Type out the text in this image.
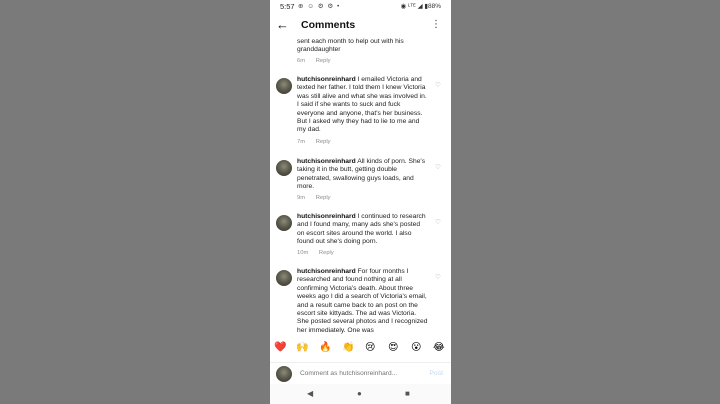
5:57 ⊕ ☺ ⚙ ⚙ •	◉ ᴸᵀᴱ ◢ ▮88%
← Comments	⋮
sent each month to help out with his granddaughter
6m Reply
hutchisonreinhard I emailed Victoria and texted her father. I told them I knew Victoria was still alive and what she was involved in. I said if she wants to suck and fuck everyone and anyone, that's her business. But I asked why they had to lie to me and my dad.
7m Reply
♡
hutchisonreinhard All kinds of porn. She's taking it in the butt, getting double penetrated, swallowing guys loads, and more.
9m Reply
♡
hutchisonreinhard I continued to research and I found many, many ads she's posted on escort sites around the world. I also found out she's doing porn.
10m Reply
♡
hutchisonreinhard For four months I researched and found nothing at all confirming Victoria's death. About three weeks ago I did a search of Victoria's email, and a result came back to an post on the escort site kittyads. The ad was Victoria. She posted several photos and I recognized her immediately. One was
♡
❤️ 🙌 🔥 👏 😢 😍 😮 😂
Comment as hutchisonreinhard...
Post
◀	●	■
